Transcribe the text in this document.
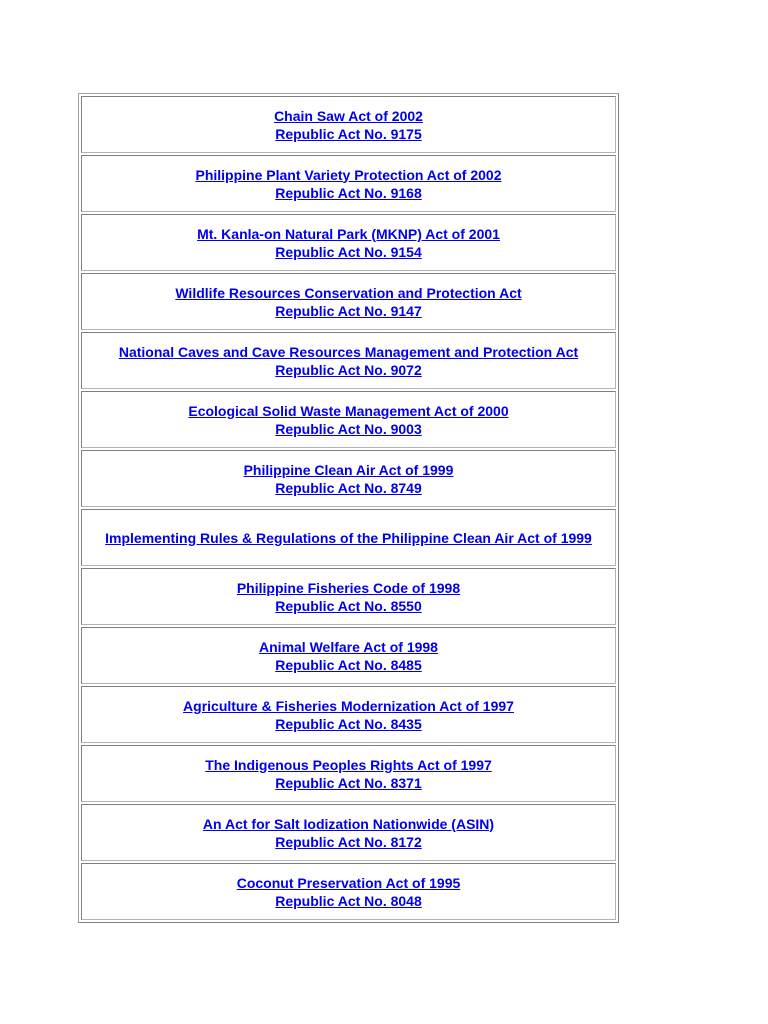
Chain Saw Act of 2002
Republic Act No. 9175
Philippine Plant Variety Protection Act of 2002
Republic Act No. 9168
Mt. Kanla-on Natural Park (MKNP) Act of 2001
Republic Act No. 9154
Wildlife Resources Conservation and Protection Act
Republic Act No. 9147
National Caves and Cave Resources Management and Protection Act
Republic Act No. 9072
Ecological Solid Waste Management Act of 2000
Republic Act No. 9003
Philippine Clean Air Act of 1999
Republic Act No. 8749
Implementing Rules & Regulations of the Philippine Clean Air Act of 1999
Philippine Fisheries Code of 1998
Republic Act No. 8550
Animal Welfare Act of 1998
Republic Act No. 8485
Agriculture & Fisheries Modernization Act of 1997
Republic Act No. 8435
The Indigenous Peoples Rights Act of 1997
Republic Act No. 8371
An Act for Salt Iodization Nationwide (ASIN)
Republic Act No. 8172
Coconut Preservation Act of 1995
Republic Act No. 8048
